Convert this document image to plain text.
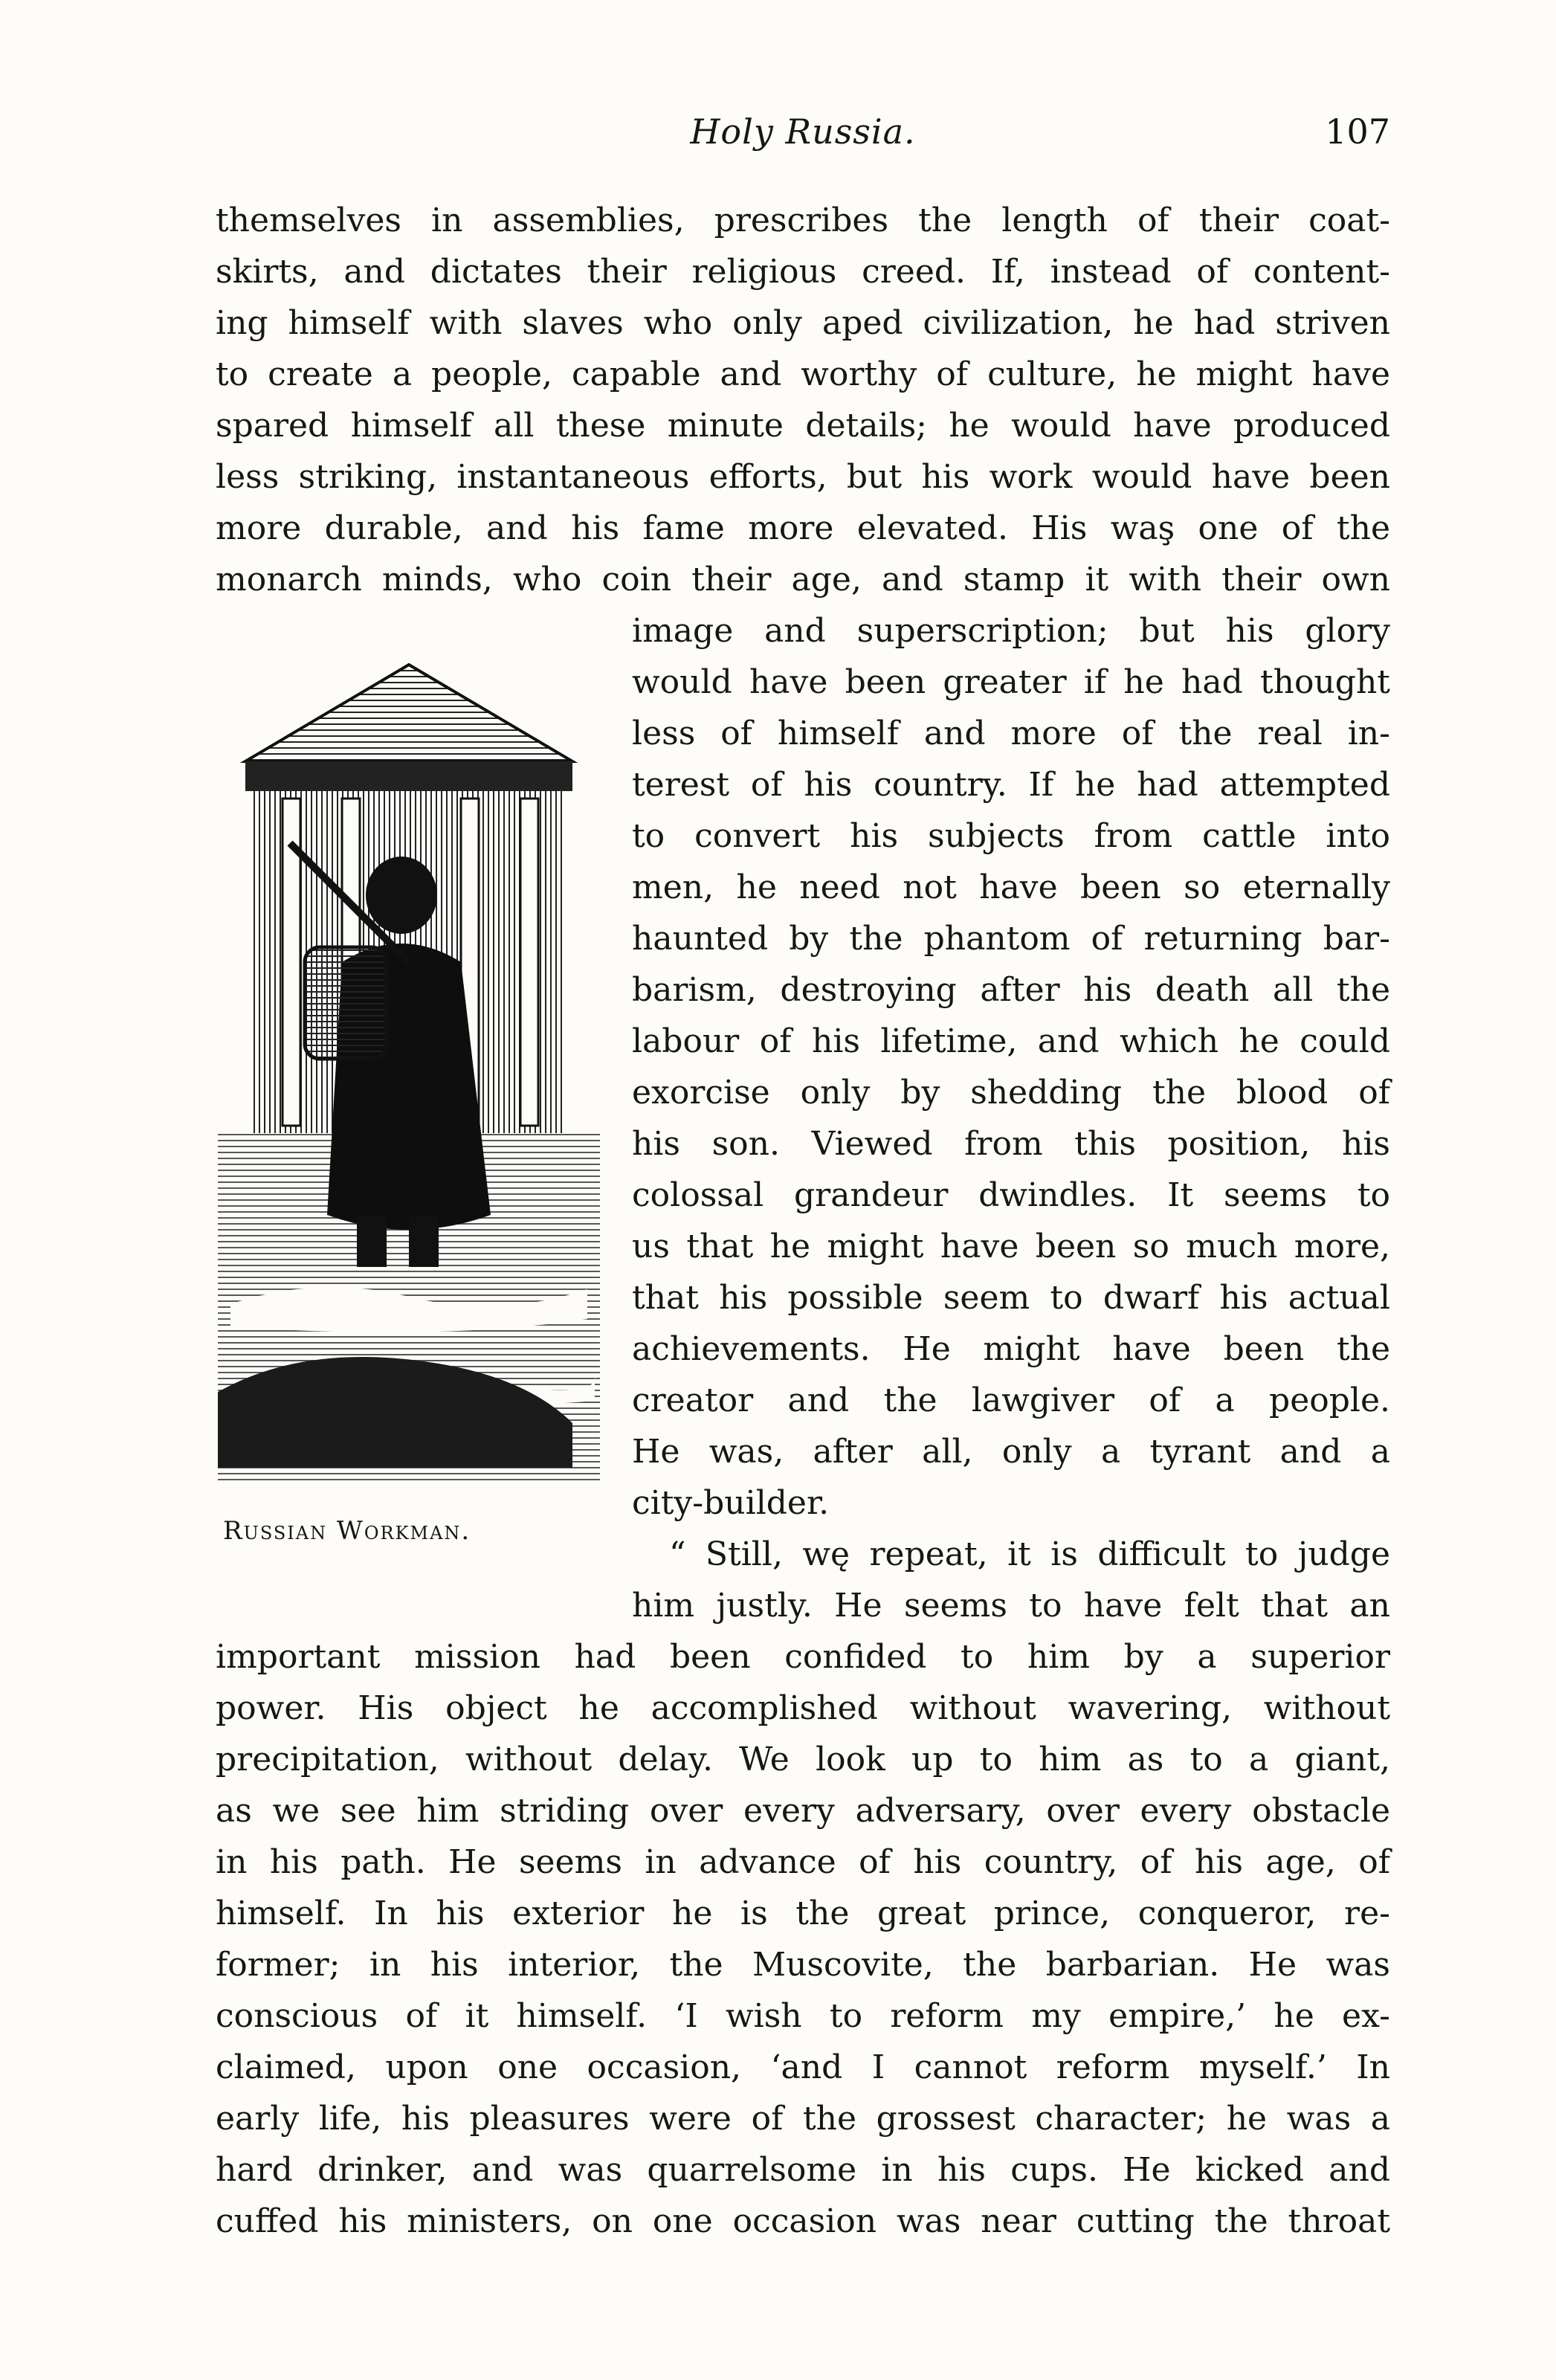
Holy Russia.	107
themselves in assemblies, prescribes the length of their coat-
skirts, and dictates their religious creed. If, instead of content-
ing himself with slaves who only aped civilization, he had striven
to create a people, capable and worthy of culture, he might have
spared himself all these minute details; he would have produced
less striking, instantaneous efforts, but his work would have been
more durable, and his fame more elevated. His waş one of the
monarch minds, who coin their age, and stamp it with their own
image and superscription; but his glory
would have been greater if he had thought
less of himself and more of the real in-
terest of his country. If he had attempted
to convert his subjects from cattle into
men, he need not have been so eternally
haunted by the phantom of returning bar-
barism, destroying after his death all the
labour of his lifetime, and which he could
exorcise only by shedding the blood of
his son. Viewed from this position, his
colossal grandeur dwindles. It seems to
us that he might have been so much more,
that his possible seem to dwarf his actual
achievements. He might have been the
creator and the lawgiver of a people.
He was, after all, only a tyrant and a
city-builder.
“ Still, wę repeat, it is difficult to judge
him justly. He seems to have felt that an
Russian Workman.
important mission had been confided to him by a superior
power. His object he accomplished without wavering, without
precipitation, without delay. We look up to him as to a giant,
as we see him striding over every adversary, over every obstacle
in his path. He seems in advance of his country, of his age, of
himself. In his exterior he is the great prince, conqueror, re-
former; in his interior, the Muscovite, the barbarian. He was
conscious of it himself. ‘I wish to reform my empire,’ he ex-
claimed, upon one occasion, ‘and I cannot reform myself.’ In
early life, his pleasures were of the grossest character; he was a
hard drinker, and was quarrelsome in his cups. He kicked and
cuffed his ministers, on one occasion was near cutting the throat
